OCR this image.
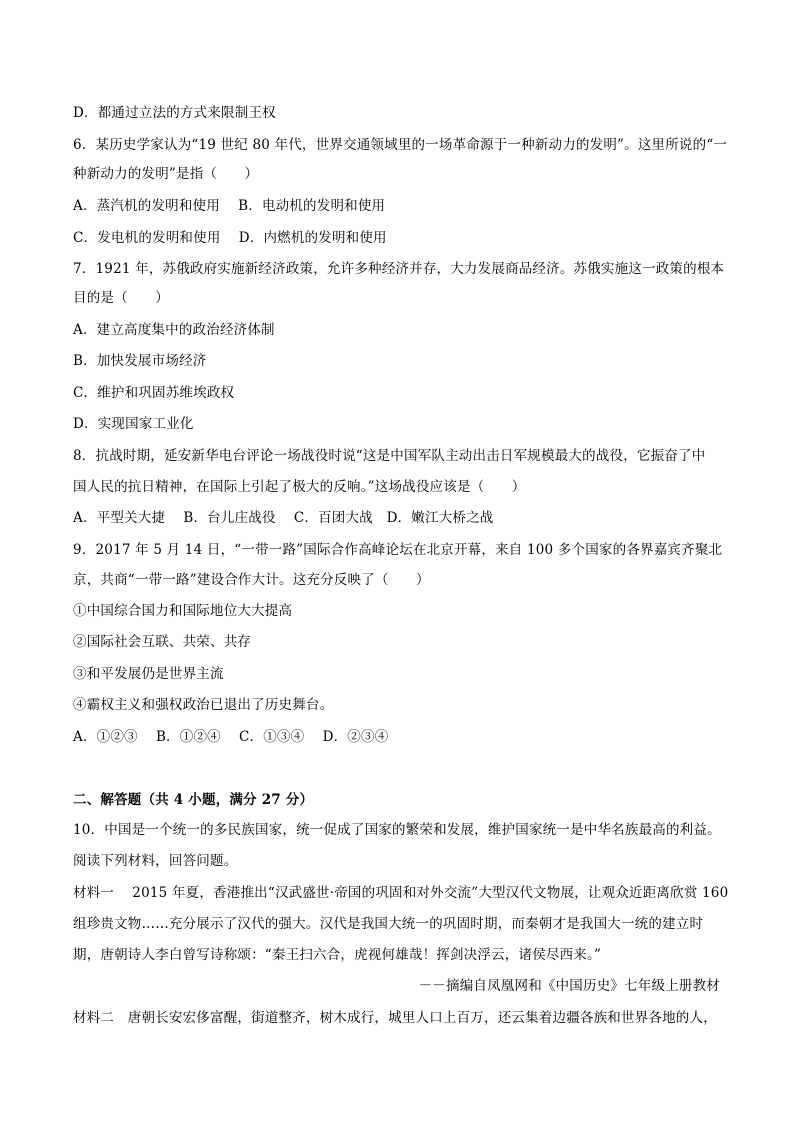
D．都通过立法的方式来限制王权
6．某历史学家认为“19 世纪 80 年代，世界交通领域里的一场革命源于一种新动力的发明”。这里所说的“一
种新动力的发明”是指（　　）
A．蒸汽机的发明和使用　 B．电动机的发明和使用
C．发电机的发明和使用　 D．内燃机的发明和使用
7．1921 年，苏俄政府实施新经济政策，允许多种经济并存，大力发展商品经济。苏俄实施这一政策的根本
目的是（　　）
A．建立高度集中的政治经济体制
B．加快发展市场经济
C．维护和巩固苏维埃政权
D．实现国家工业化
8．抗战时期，延安新华电台评论一场战役时说“这是中国军队主动出击日军规模最大的战役，它振奋了中
国人民的抗日精神，在国际上引起了极大的反响。”这场战役应该是（　　）
A．平型关大捷　 B．台儿庄战役　 C．百团大战　D．嫩江大桥之战
9．2017 年 5 月 14 日，“一带一路”国际合作高峰论坛在北京开幕，来自 100 多个国家的各界嘉宾齐聚北
京，共商“一带一路”建设合作大计。这充分反映了（　　）
①中国综合国力和国际地位大大提高
②国际社会互联、共荣、共存
③和平发展仍是世界主流
④霸权主义和强权政治已退出了历史舞台。
A．①②③　 B．①②④　 C．①③④　 D．②③④
二、解答题（共 4 小题，满分 27 分）
10．中国是一个统一的多民族国家，统一促成了国家的繁荣和发展，维护国家统一是中华名族最高的利益。
阅读下列材料，回答问题。
材料一　 2015 年夏，香港推出“汉武盛世·帝国的巩固和对外交流”大型汉代文物展，让观众近距离欣赏 160
组珍贵文物……充分展示了汉代的强大。汉代是我国大统一的巩固时期，而秦朝才是我国大一统的建立时
期，唐朝诗人李白曾写诗称颂：“秦王扫六合，虎视何雄哉！挥剑决浮云，诸侯尽西来。”
－－摘编自凤凰网和《中国历史》七年级上册教材
材料二　唐朝长安宏侈富醒，街道整齐，树木成行，城里人口上百万，还云集着边疆各族和世界各地的人，
